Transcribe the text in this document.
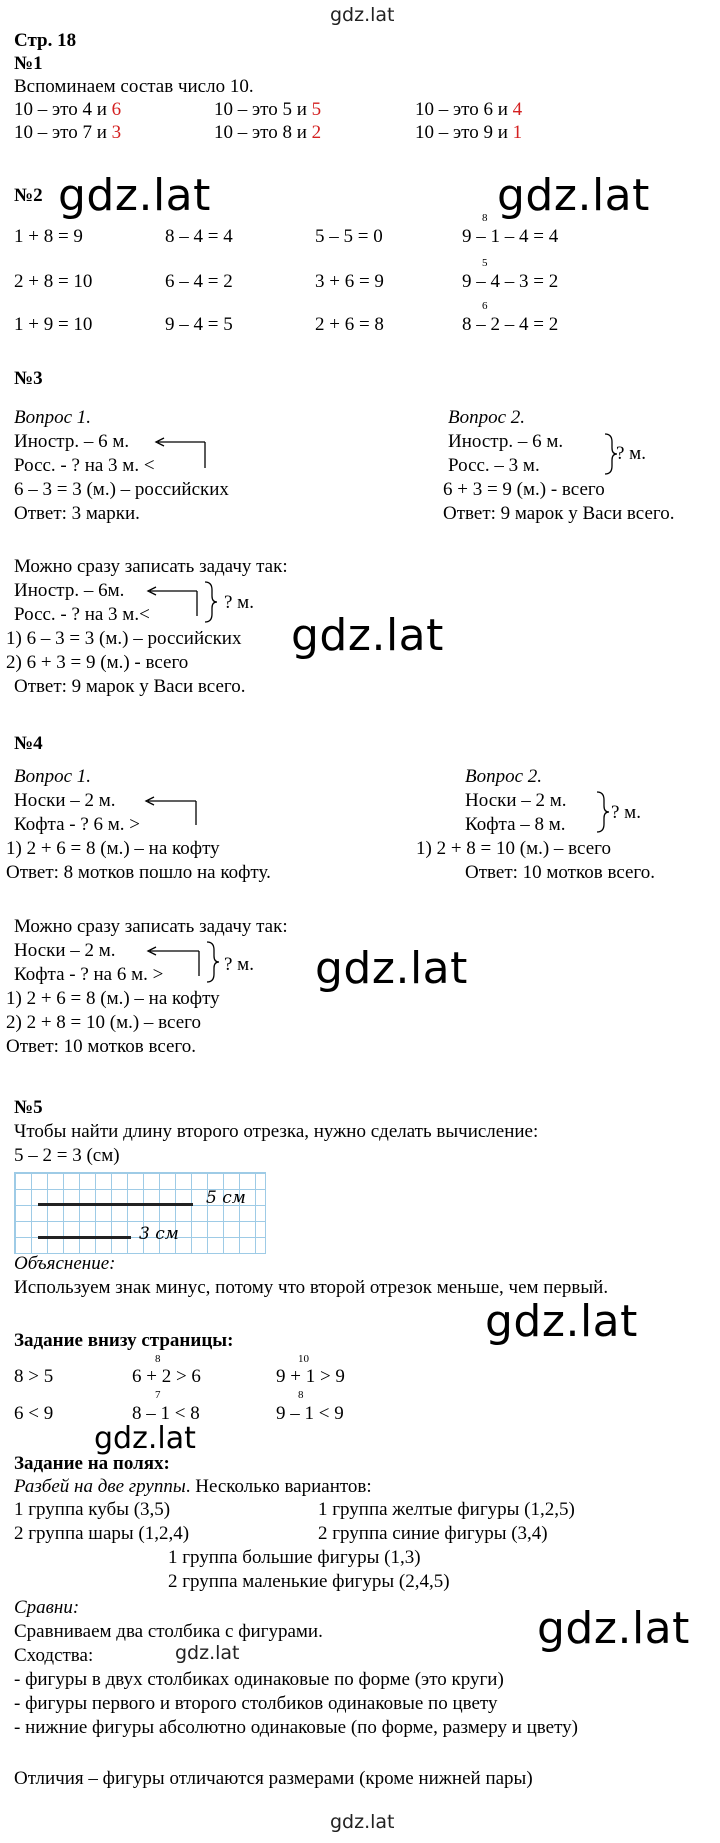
gdz.lat
Стр. 18
№1
Вспоминаем состав число 10.
10 – это 4 и 6	10 – это 5 и 5	10 – это 6 и 4
10 – это 7 и 3	10 – это 8 и 2	10 – это 9 и 1
№2 gdz.lat	gdz.lat
8
1 + 8 = 9	8 – 4 = 4	5 – 5 = 0	9 – 1 – 4 = 4
5
2 + 8 = 10	6 – 4 = 2	3 + 6 = 9	9 – 4 – 3 = 2
6
1 + 9 = 10	9 – 4 = 5	2 + 6 = 8	8 – 2 – 4 = 2
№3
Вопрос 1.
Иностр. – 6 м.
Росс. - ? на 3 м. <
6 – 3 = 3 (м.) – российских
Ответ: 3 марки.
Вопрос 2.
Иностр. – 6 м.
Росс. – 3 м.
? м.
6 + 3 = 9 (м.) - всего
Ответ: 9 марок у Васи всего.
Можно сразу записать задачу так:
Иностр. – 6м.
Росс. - ? на 3 м.<
? м.
1) 6 – 3 = 3 (м.) – российских
2) 6 + 3 = 9 (м.) - всего
Ответ: 9 марок у Васи всего.
gdz.lat
№4
Вопрос 1.
Носки – 2 м.
Кофта - ? 6 м. >
1) 2 + 6 = 8 (м.) – на кофту
Ответ: 8 мотков пошло на кофту.
Вопрос 2.
Носки – 2 м.
Кофта – 8 м.
? м.
1) 2 + 8 = 10 (м.) – всего
Ответ: 10 мотков всего.
Можно сразу записать задачу так:
Носки – 2 м.
Кофта - ? на 6 м. >	? м.
1) 2 + 6 = 8 (м.) – на кофту
2) 2 + 8 = 10 (м.) – всего
Ответ: 10 мотков всего.
gdz.lat
№5
Чтобы найти длину второго отрезка, нужно сделать вычисление:
5 – 2 = 3 (см)
5 см
3 см
Объяснение:
Используем знак минус, потому что второй отрезок меньше, чем первый.
gdz.lat
Задание внизу страницы:
8	10
8 > 5	6 + 2 > 6	9 + 1 > 9
7	8
6 < 9	8 – 1 < 8	9 – 1 < 9
gdz.lat
Задание на полях:
Разбей на две группы. Несколько вариантов:
1 группа кубы (3,5)	1 группа желтые фигуры (1,2,5)
2 группа шары (1,2,4)	2 группа синие фигуры (3,4)
1 группа большие фигуры (1,3)
2 группа маленькие фигуры (2,4,5)
Сравни:
Сравниваем два столбика с фигурами.
Сходства:	gdz.lat	gdz.lat
- фигуры в двух столбиках одинаковые по форме (это круги)
- фигуры первого и второго столбиков одинаковые по цвету
- нижние фигуры абсолютно одинаковые (по форме, размеру и цвету)
Отличия – фигуры отличаются размерами (кроме нижней пары)
gdz.lat
